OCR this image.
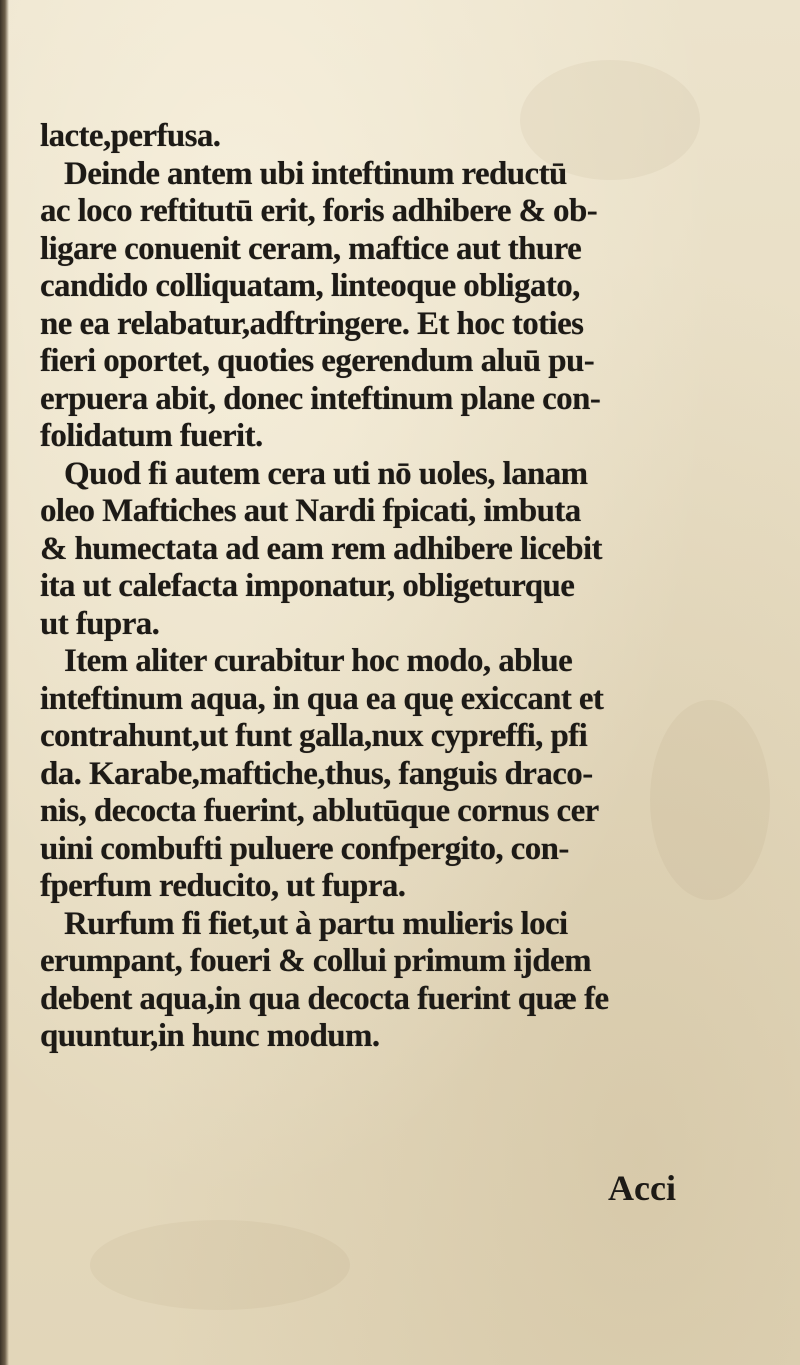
lacte,perfusa.
Deinde antem ubi inteftinum reductū
ac loco reftitutū erit, foris adhibere & ob-
ligare conuenit ceram, maftice aut thure
candido colliquatam, linteoque obligato,
ne ea relabatur,adftringere. Et hoc toties
fieri oportet, quoties egerendum aluū pu-
erpuera abit, donec inteftinum plane con-
folidatum fuerit.
Quod fi autem cera uti nō uoles, lanam
oleo Maftiches aut Nardi fpicati, imbuta
& humectata ad eam rem adhibere licebit
ita ut calefacta imponatur, obligeturque
ut fupra.
Item aliter curabitur hoc modo, ablue
inteftinum aqua, in qua ea quę exiccant et
contrahunt,ut funt galla,nux cypreffi, pfi
da. Karabe,maftiche,thus, fanguis draco-
nis, decocta fuerint, ablutūque cornus cer
uini combufti puluere confpergito, con-
fperfum reducito, ut fupra.
Rurfum fi fiet,ut à partu mulieris loci
erumpant, foueri & collui primum ijdem
debent aqua,in qua decocta fuerint quæ fe
quuntur,in hunc modum.
Acci
